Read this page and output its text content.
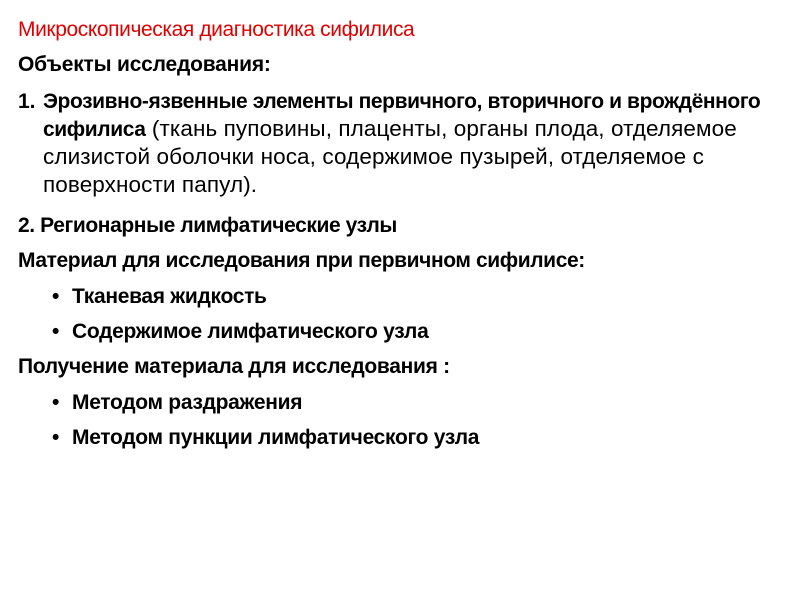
Микроскопическая диагностика сифилиса
Объекты исследования:
1. Эрозивно-язвенные элементы первичного, вторичного и врождённого сифилиса (ткань пуповины, плаценты, органы плода, отделяемое слизистой оболочки носа, содержимое пузырей, отделяемое с поверхности папул).
2. Регионарные лимфатические узлы
Материал для исследования при первичном сифилисе:
• Тканевая жидкость
• Содержимое лимфатического узла
Получение материала для исследования :
• Методом раздражения
• Методом пункции лимфатического узла
